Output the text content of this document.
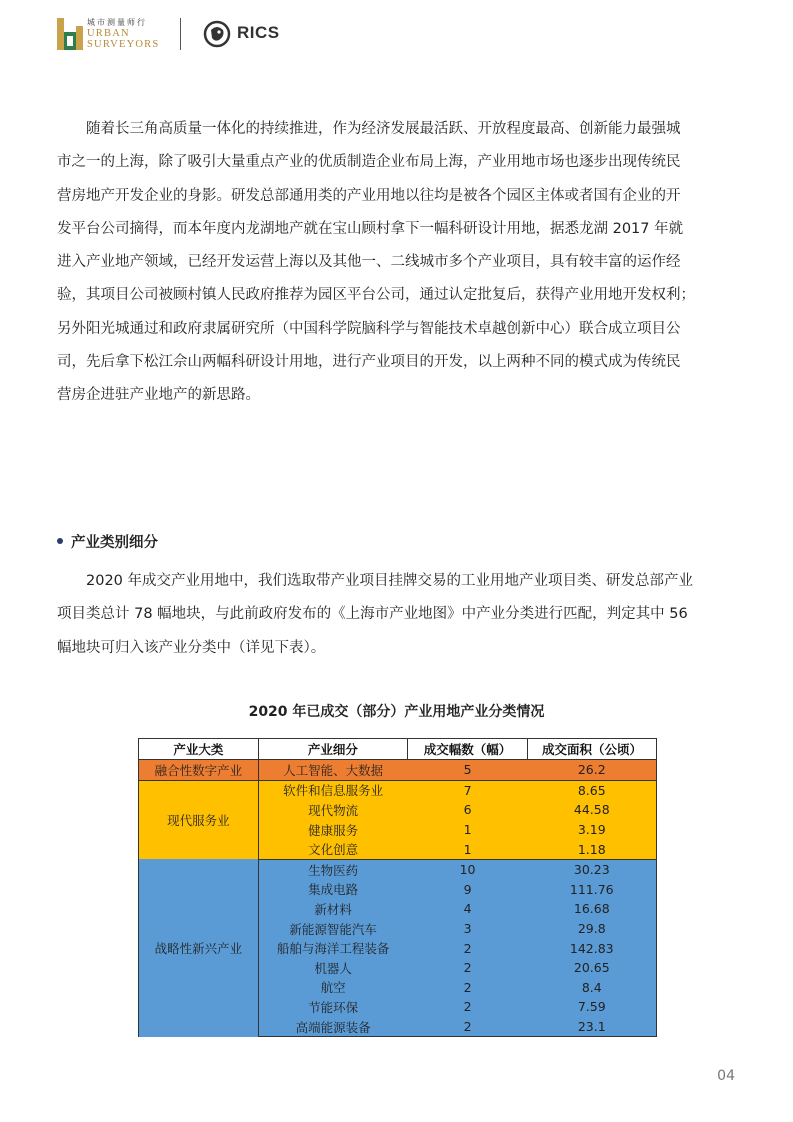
城市测量师行
URBAN
SURVEYORS
RICS
随着长三角高质量一体化的持续推进，作为经济发展最活跃、开放程度最高、创新能力最强城
市之一的上海，除了吸引大量重点产业的优质制造企业布局上海，产业用地市场也逐步出现传统民
营房地产开发企业的身影。研发总部通用类的产业用地以往均是被各个园区主体或者国有企业的开
发平台公司摘得，而本年度内龙湖地产就在宝山顾村拿下一幅科研设计用地，据悉龙湖 2017 年就
进入产业地产领域，已经开发运营上海以及其他一、二线城市多个产业项目，具有较丰富的运作经
验，其项目公司被顾村镇人民政府推荐为园区平台公司，通过认定批复后，获得产业用地开发权利；
另外阳光城通过和政府隶属研究所（中国科学院脑科学与智能技术卓越创新中心）联合成立项目公
司，先后拿下松江佘山两幅科研设计用地，进行产业项目的开发，以上两种不同的模式成为传统民
营房企进驻产业地产的新思路。
产业类别细分
2020 年成交产业用地中，我们选取带产业项目挂牌交易的工业用地产业项目类、研发总部产业
项目类总计 78 幅地块，与此前政府发布的《上海市产业地图》中产业分类进行匹配，判定其中 56
幅地块可归入该产业分类中（详见下表）。
2020 年已成交（部分）产业用地产业分类情况
产业大类	产业细分	成交幅数（幅）	成交面积（公顷）
融合性数字产业	人工智能、大数据	5	26.2
现代服务业	软件和信息服务业	7	8.65
	现代物流	6	44.58
	健康服务	1	3.19
	文化创意	1	1.18
战略性新兴产业	生物医药	10	30.23
	集成电路	9	111.76
	新材料	4	16.68
	新能源智能汽车	3	29.8
	船舶与海洋工程装备	2	142.83
	机器人	2	20.65
	航空	2	8.4
	节能环保	2	7.59
	高端能源装备	2	23.1
04
